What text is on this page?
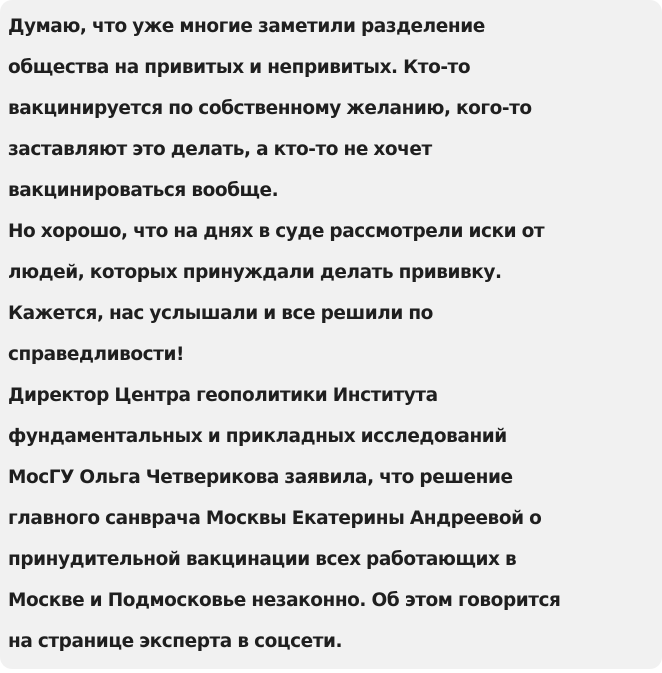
Думаю, что уже многие заметили разделение
общества на привитых и непривитых. Кто-то
вакцинируется по собственному желанию, кого-то
заставляют это делать, а кто-то не хочет
вакцинироваться вообще.
Но хорошо, что на днях в суде рассмотрели иски от
людей, которых принуждали делать прививку.
Кажется, нас услышали и все решили по
справедливости!
Директор Центра геополитики Института
фундаментальных и прикладных исследований
МосГУ Ольга Четверикова заявила, что решение
главного санврача Москвы Екатерины Андреевой о
принудительной вакцинации всех работающих в
Москве и Подмосковье незаконно. Об этом говорится
на странице эксперта в соцсети.
